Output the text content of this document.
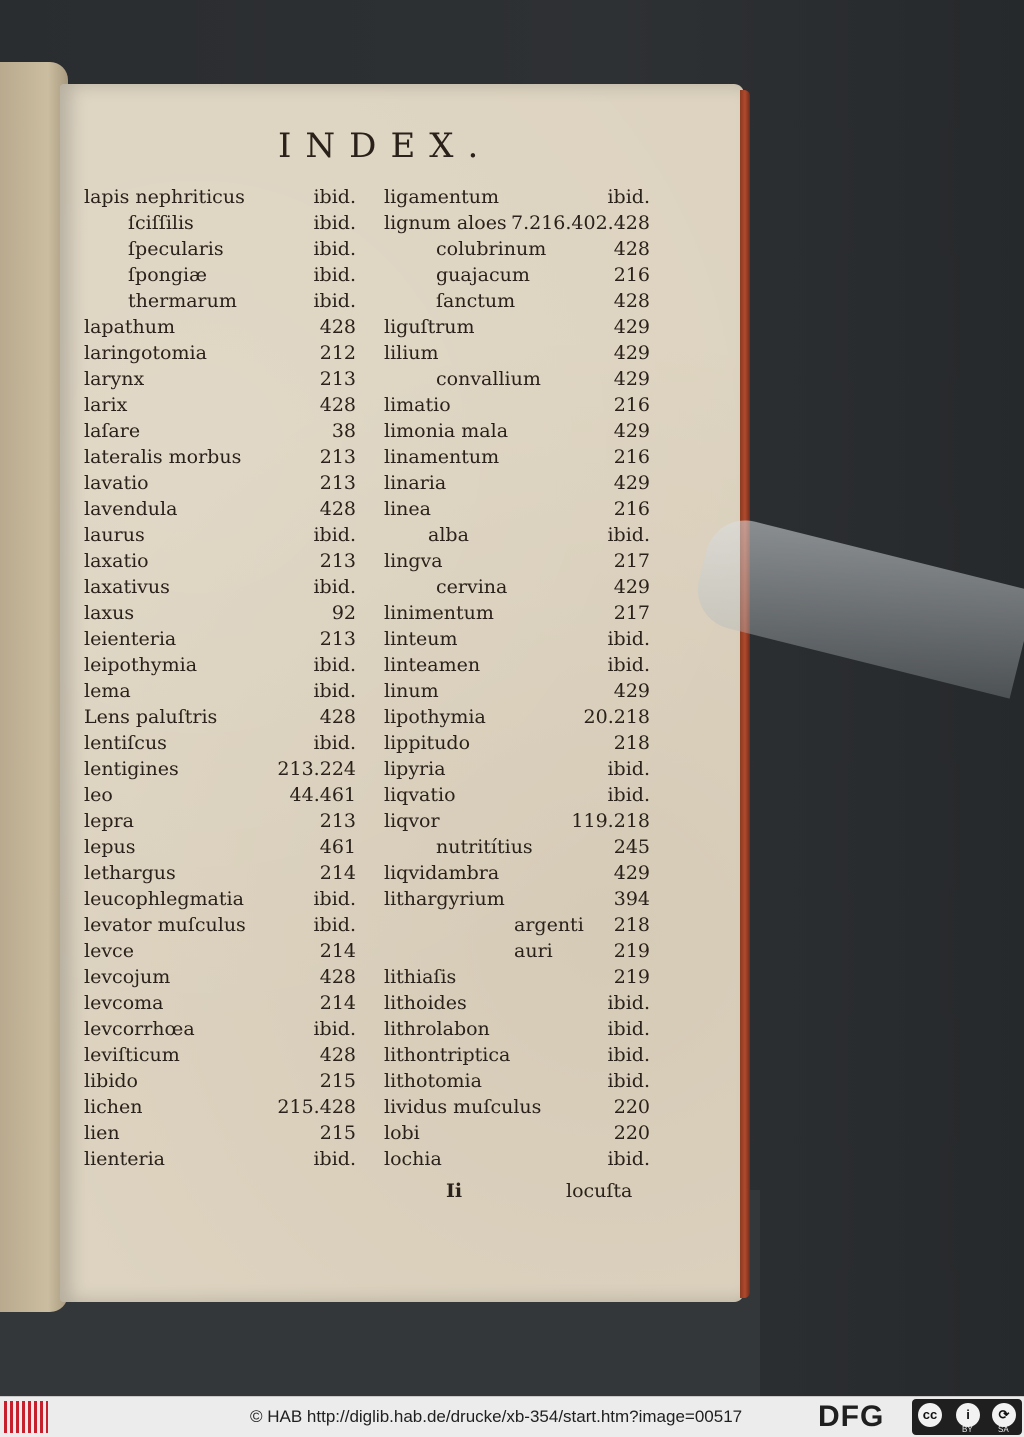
INDEX.
lapis nephriticus	ibid.
ſciſſilis	ibid.
ſpecularis	ibid.
ſpongiæ	ibid.
thermarum	ibid.
lapathum	428
laringotomia	212
larynx	213
larix	428
laſare	38
lateralis morbus	213
lavatio	213
lavendula	428
laurus	ibid.
laxatio	213
laxativus	ibid.
laxus	92
leienteria	213
leipothymia	ibid.
lema	ibid.
Lens paluſtris	428
lentiſcus	ibid.
lentigines	213.224
leo	44.461
lepra	213
lepus	461
lethargus	214
leucophlegmatia	ibid.
levator muſculus	ibid.
levce	214
levcojum	428
levcoma	214
levcorrhœa	ibid.
leviſticum	428
libido	215
lichen	215.428
lien	215
lienteria	ibid.
ligamentum	ibid.
lignum aloes 7.216.402.428
colubrinum	428
guajacum	216
ſanctum	428
liguſtrum	429
lilium	429
convallium	429
limatio	216
limonia mala	429
linamentum	216
linaria	429
linea	216
alba	ibid.
lingva	217
cervina	429
linimentum	217
linteum	ibid.
linteamen	ibid.
linum	429
lipothymia	20.218
lippitudo	218
lipyria	ibid.
liqvatio	ibid.
liqvor	119.218
nutritítius	245
liqvidambra	429
lithargyrium	394
argenti 218
auri	219
lithiaſis	219
lithoides	ibid.
lithrolabon	ibid.
lithontriptica	ibid.
lithotomia	ibid.
lividus muſculus	220
lobi	220
lochia	ibid.
Ii	locuſta
© HAB http://diglib.hab.de/drucke/xb-354/start.htm?image=00517	DFG	cc	i	⟳
BY	SA
